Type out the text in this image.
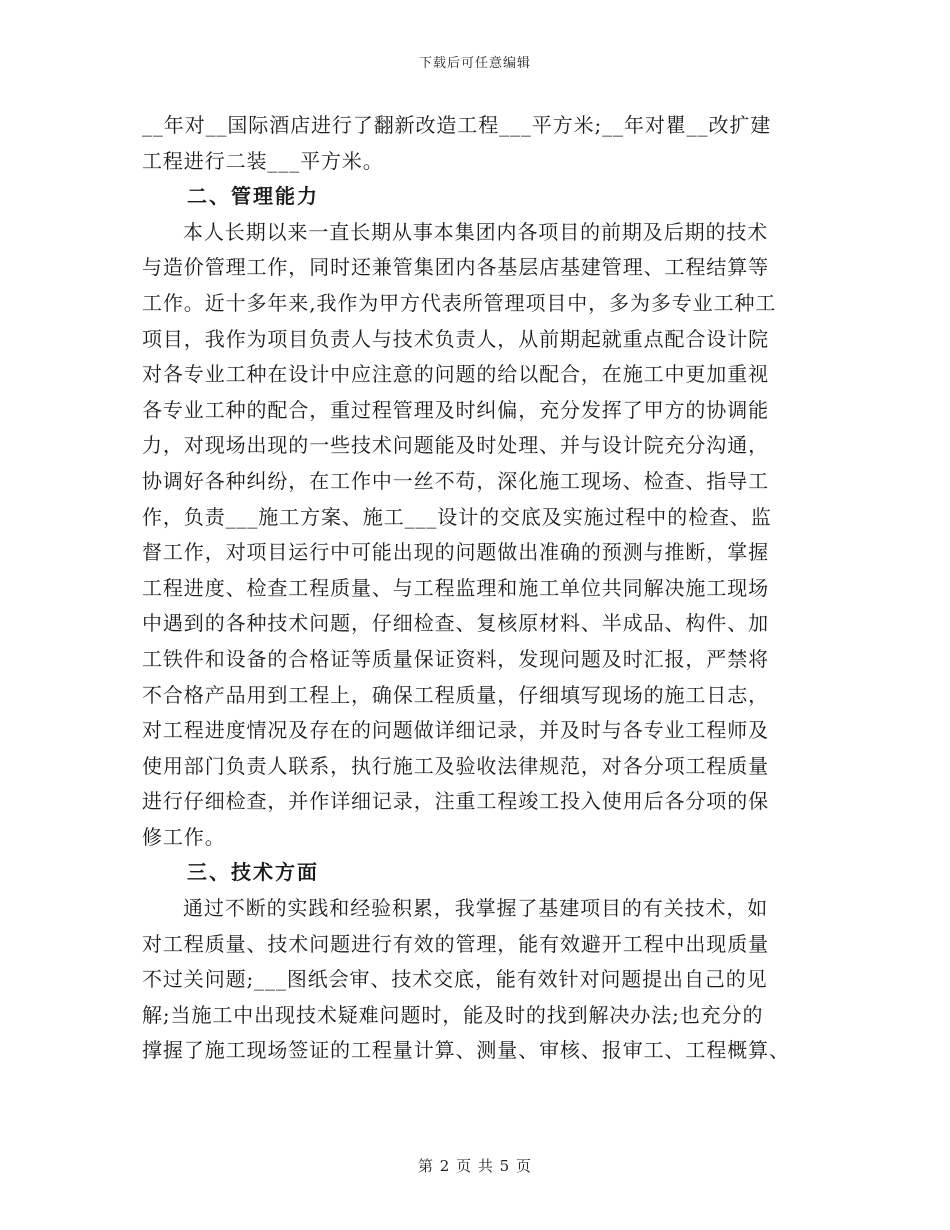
下载后可任意编辑
__年对__国际酒店进行了翻新改造工程___平方米;__年对瞿__改扩建
工程进行二装___平方米。
二、管理能力
本人长期以来一直长期从事本集团内各项目的前期及后期的技术
与造价管理工作，同时还兼管集团内各基层店基建管理、工程结算等
工作。近十多年来,我作为甲方代表所管理项目中，多为多专业工种工
项目，我作为项目负责人与技术负责人，从前期起就重点配合设计院
对各专业工种在设计中应注意的问题的给以配合，在施工中更加重视
各专业工种的配合，重过程管理及时纠偏，充分发挥了甲方的协调能
力，对现场出现的一些技术问题能及时处理、并与设计院充分沟通，
协调好各种纠纷，在工作中一丝不苟，深化施工现场、检查、指导工
作，负责___施工方案、施工___设计的交底及实施过程中的检查、监
督工作，对项目运行中可能出现的问题做出准确的预测与推断，掌握
工程进度、检查工程质量、与工程监理和施工单位共同解决施工现场
中遇到的各种技术问题，仔细检查、复核原材料、半成品、构件、加
工铁件和设备的合格证等质量保证资料，发现问题及时汇报，严禁将
不合格产品用到工程上，确保工程质量，仔细填写现场的施工日志，
对工程进度情况及存在的问题做详细记录，并及时与各专业工程师及
使用部门负责人联系，执行施工及验收法律规范，对各分项工程质量
进行仔细检查，并作详细记录，注重工程竣工投入使用后各分项的保
修工作。
三、技术方面
通过不断的实践和经验积累，我掌握了基建项目的有关技术，如
对工程质量、技术问题进行有效的管理，能有效避开工程中出现质量
不过关问题;___图纸会审、技术交底，能有效针对问题提出自己的见
解;当施工中出现技术疑难问题时，能及时的找到解决办法;也充分的
撑握了施工现场签证的工程量计算、测量、审核、报审工、工程概算、
第 2 页 共 5 页
